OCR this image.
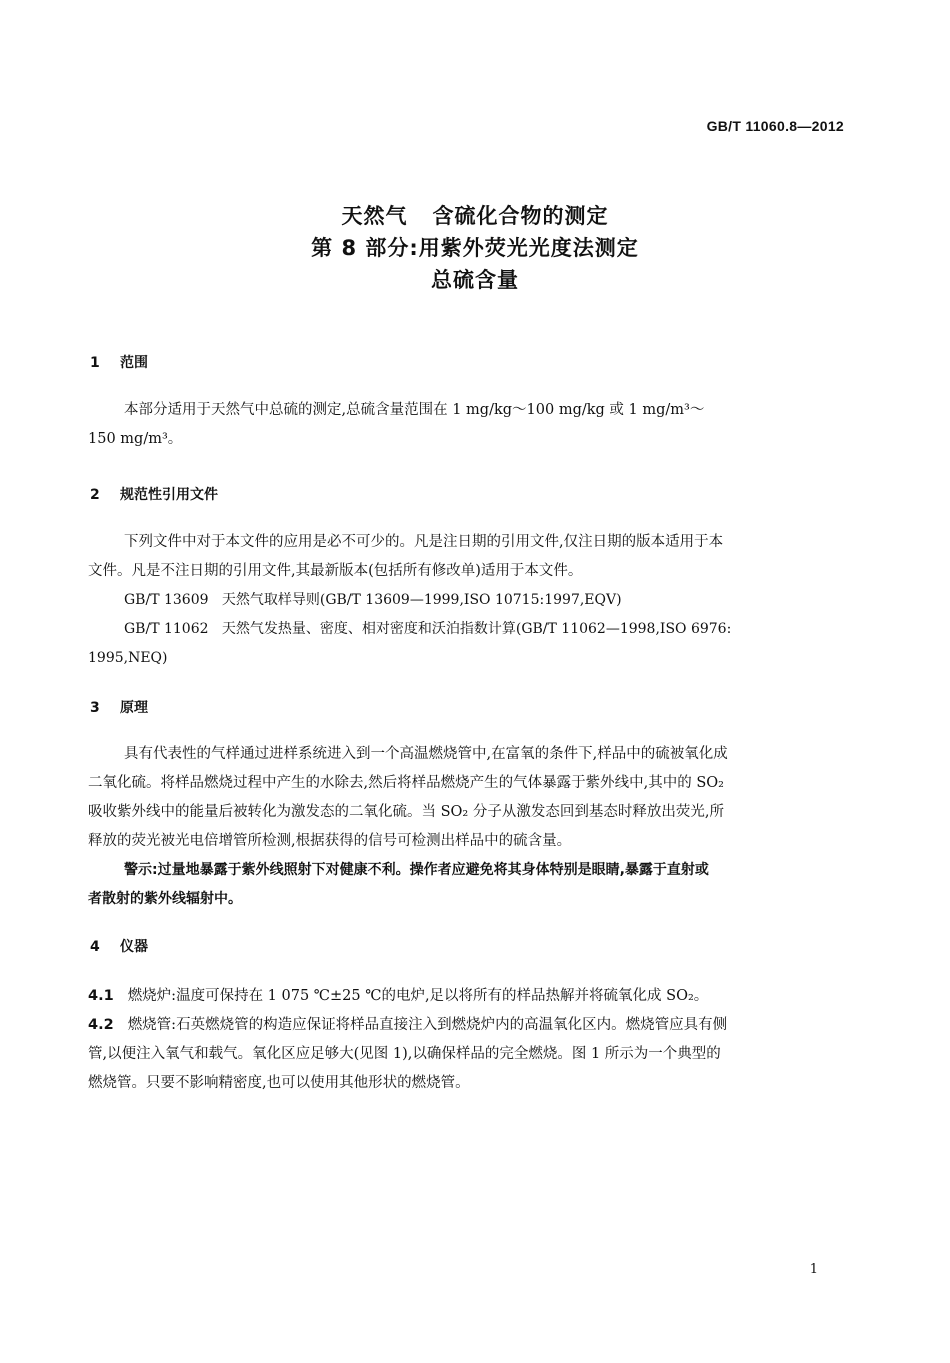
GB/T 11060.8—2012
天然气   含硫化合物的测定
第 8 部分:用紫外荧光光度法测定
总硫含量
1 范围
本部分适用于天然气中总硫的测定,总硫含量范围在 1 mg/kg～100 mg/kg 或 1 mg/m³～
150 mg/m³。
2 规范性引用文件
下列文件中对于本文件的应用是必不可少的。凡是注日期的引用文件,仅注日期的版本适用于本
文件。凡是不注日期的引用文件,其最新版本(包括所有修改单)适用于本文件。
GB/T 13609   天然气取样导则(GB/T 13609—1999,ISO 10715:1997,EQV)
GB/T 11062   天然气发热量、密度、相对密度和沃泊指数计算(GB/T 11062—1998,ISO 6976:
1995,NEQ)
3 原理
具有代表性的气样通过进样系统进入到一个高温燃烧管中,在富氧的条件下,样品中的硫被氧化成
二氧化硫。将样品燃烧过程中产生的水除去,然后将样品燃烧产生的气体暴露于紫外线中,其中的 SO₂
吸收紫外线中的能量后被转化为激发态的二氧化硫。当 SO₂ 分子从激发态回到基态时释放出荧光,所
释放的荧光被光电倍增管所检测,根据获得的信号可检测出样品中的硫含量。
警示:过量地暴露于紫外线照射下对健康不利。操作者应避免将其身体特别是眼睛,暴露于直射或
者散射的紫外线辐射中。
4 仪器
4.1 燃烧炉:温度可保持在 1 075 ℃±25 ℃的电炉,足以将所有的样品热解并将硫氧化成 SO₂。
4.2 燃烧管:石英燃烧管的构造应保证将样品直接注入到燃烧炉内的高温氧化区内。燃烧管应具有侧
管,以便注入氧气和载气。氧化区应足够大(见图 1),以确保样品的完全燃烧。图 1 所示为一个典型的
燃烧管。只要不影响精密度,也可以使用其他形状的燃烧管。
1
